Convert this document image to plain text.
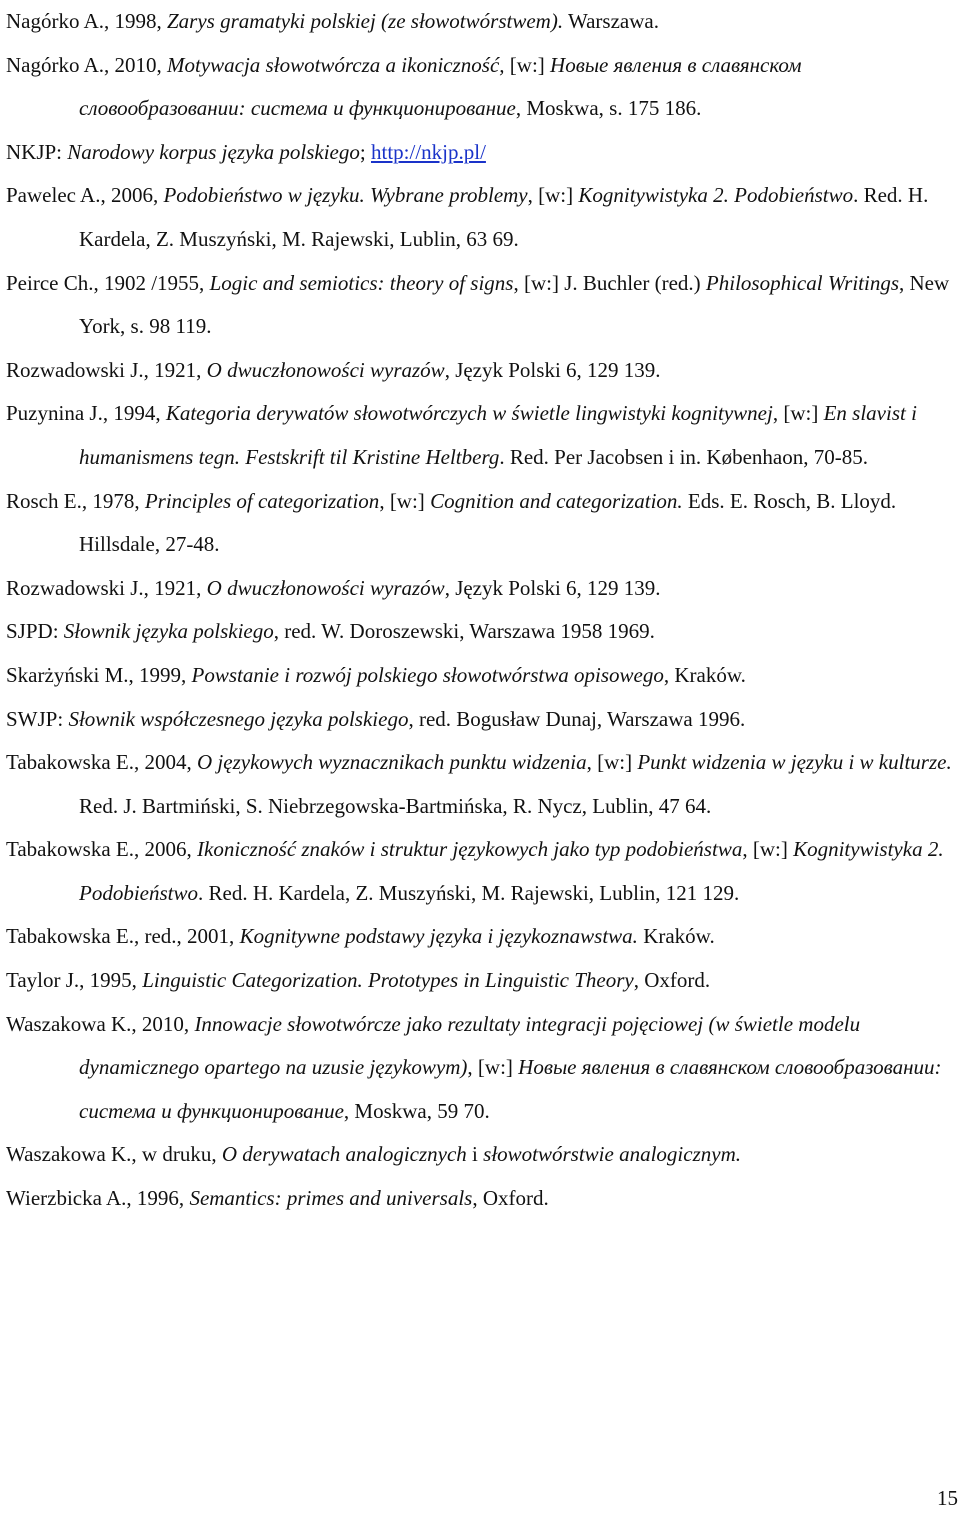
Nagórko A., 1998, Zarys gramatyki polskiej (ze słowotwórstwem). Warszawa.
Nagórko A., 2010, Motywacja słowotwórcza a ikoniczność, [w:] Новые явления в славянском словообразовании: система и функционирование, Moskwa, s. 175 186.
NKJP: Narodowy korpus języka polskiego; http://nkjp.pl/
Pawelec A., 2006, Podobieństwo w języku. Wybrane problemy, [w:] Kognitywistyka 2. Podobieństwo. Red. H. Kardela, Z. Muszyński, M. Rajewski, Lublin, 63 69.
Peirce Ch., 1902 /1955, Logic and semiotics: theory of signs, [w:] J. Buchler (red.) Philosophical Writings, New York, s. 98 119.
Rozwadowski J., 1921, O dwuczłonowości wyrazów, Język Polski 6, 129 139.
Puzynina J., 1994, Kategoria derywatów słowotwórczych w świetle lingwistyki kognitywnej, [w:] En slavist i humanismens tegn. Festskrift til Kristine Heltberg. Red. Per Jacobsen i in. Københaon, 70-85.
Rosch E., 1978, Principles of categorization, [w:] Cognition and categorization. Eds. E. Rosch, B. Lloyd. Hillsdale, 27-48.
Rozwadowski J., 1921, O dwuczłonowości wyrazów, Język Polski 6, 129 139.
SJPD: Słownik języka polskiego, red. W. Doroszewski, Warszawa 1958 1969.
Skarżyński M., 1999, Powstanie i rozwój polskiego słowotwórstwa opisowego, Kraków.
SWJP: Słownik współczesnego języka polskiego, red. Bogusław Dunaj, Warszawa 1996.
Tabakowska E., 2004, O językowych wyznacznikach punktu widzenia, [w:] Punkt widzenia w języku i w kulturze. Red. J. Bartmiński, S. Niebrzegowska-Bartmińska, R. Nycz, Lublin, 47 64.
Tabakowska E., 2006, Ikoniczność znaków i struktur językowych jako typ podobieństwa, [w:] Kognitywistyka 2. Podobieństwo. Red. H. Kardela, Z. Muszyński, M. Rajewski, Lublin, 121 129.
Tabakowska E., red., 2001, Kognitywne podstawy języka i językoznawstwa. Kraków.
Taylor J., 1995, Linguistic Categorization. Prototypes in Linguistic Theory, Oxford.
Waszakowa K., 2010, Innowacje słowotwórcze jako rezultaty integracji pojęciowej (w świetle modelu dynamicznego opartego na uzusie językowym), [w:] Новые явления в славянском словообразовании: система и функционирование, Moskwa, 59 70.
Waszakowa K., w druku, O derywatach analogicznych i słowotwórstwie analogicznym.
Wierzbicka A., 1996, Semantics: primes and universals, Oxford.
15
